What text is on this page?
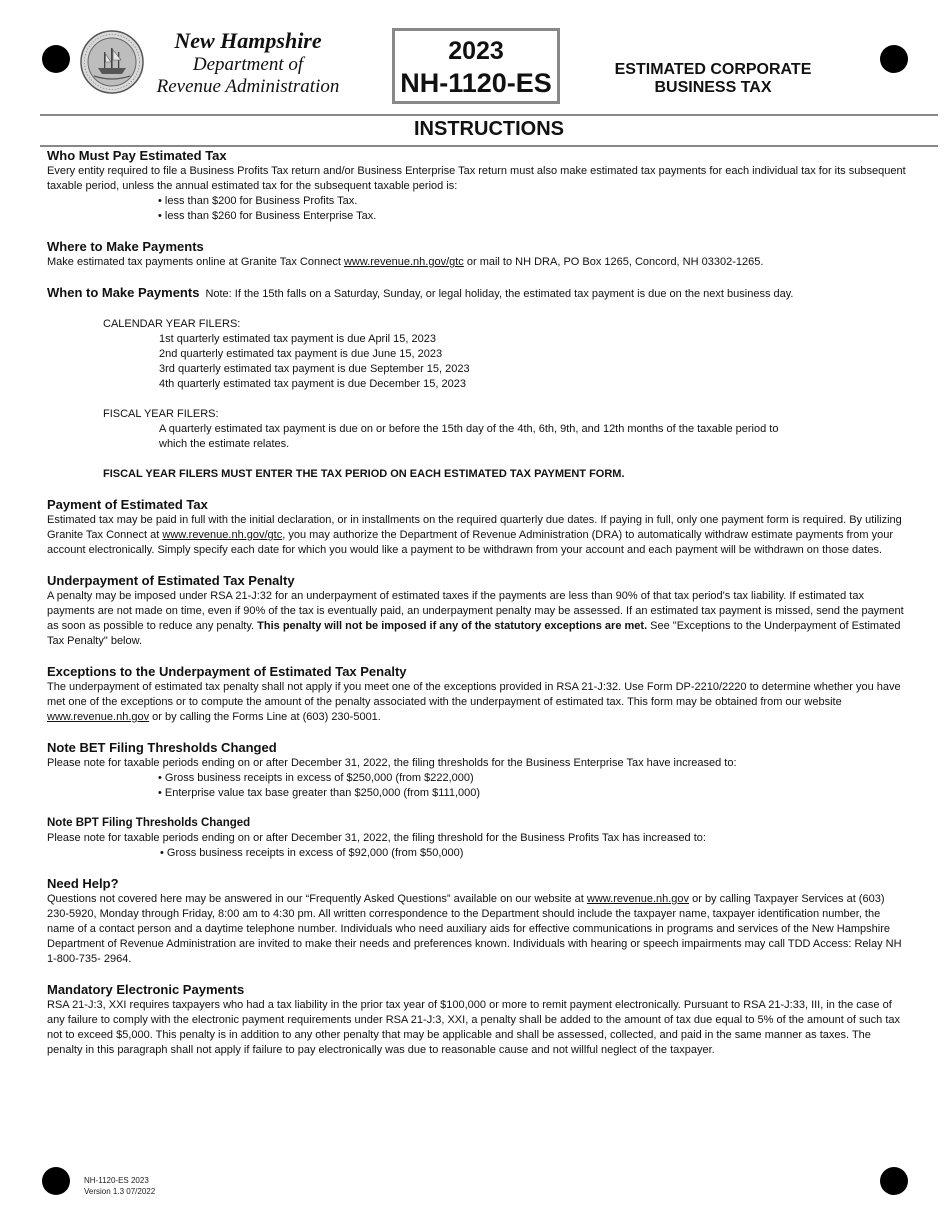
New Hampshire
Department of
Revenue Administration
2023
NH-1120-ES	ESTIMATED CORPORATE
BUSINESS TAX
INSTRUCTIONS
Who Must Pay Estimated Tax

Every entity required to file a Business Profits Tax return and/or Business Enterprise Tax return must also make estimated tax payments for each individual tax for its subsequent taxable period, unless the annual estimated tax for the subsequent taxable period is:

• less than $200 for Business Profits Tax.
• less than $260 for Business Enterprise Tax.
Where to Make Payments

Make estimated tax payments online at Granite Tax Connect www.revenue.nh.gov/gtc or mail to NH DRA, PO Box 1265, Concord, NH 03302-1265.

When to Make Payments Note: If the 15th falls on a Saturday, Sunday, or legal holiday, the estimated tax payment is due on the next business day.
CALENDAR YEAR FILERS:
1st quarterly estimated tax payment is due April 15, 2023
2nd quarterly estimated tax payment is due June 15, 2023
3rd quarterly estimated tax payment is due September 15, 2023
4th quarterly estimated tax payment is due December 15, 2023
FISCAL YEAR FILERS:
A quarterly estimated tax payment is due on or before the 15th day of the 4th, 6th, 9th, and 12th months of the taxable period to
which the estimate relates.
FISCAL YEAR FILERS MUST ENTER THE TAX PERIOD ON EACH ESTIMATED TAX PAYMENT FORM.
Payment of Estimated Tax

Estimated tax may be paid in full with the initial declaration, or in installments on the required quarterly due dates. If paying in full, only one payment form is required. By utilizing Granite Tax Connect at www.revenue.nh.gov/gtc, you may authorize the Department of Revenue Administration (DRA) to automatically withdraw estimate payments from your account electronically. Simply specify each date for which you would like a payment to be withdrawn from your account and each payment will be withdrawn on those dates.

Underpayment of Estimated Tax Penalty

A penalty may be imposed under RSA 21-J:32 for an underpayment of estimated taxes if the payments are less than 90% of that tax period's tax liability. If estimated tax payments are not made on time, even if 90% of the tax is eventually paid, an underpayment penalty may be assessed. If an estimated tax payment is missed, send the payment as soon as possible to reduce any penalty. This penalty will not be imposed if any of the statutory exceptions are met. See "Exceptions to the Underpayment of Estimated Tax Penalty" below.

Exceptions to the Underpayment of Estimated Tax Penalty

The underpayment of estimated tax penalty shall not apply if you meet one of the exceptions provided in RSA 21-J:32. Use Form DP-2210/2220 to determine whether you have met one of the exceptions or to compute the amount of the penalty associated with the underpayment of estimated tax. This form may be obtained from our website www.revenue.nh.gov or by calling the Forms Line at (603) 230-5001.

Note BET Filing Thresholds Changed

Please note for taxable periods ending on or after December 31, 2022, the filing thresholds for the Business Enterprise Tax have increased to:

• Gross business receipts in excess of $250,000 (from $222,000)
• Enterprise value tax base greater than $250,000 (from $111,000)
Note BPT Filing Thresholds Changed

Please note for taxable periods ending on or after December 31, 2022, the filing threshold for the Business Profits Tax has increased to:

• Gross business receipts in excess of $92,000 (from $50,000)
Need Help?

Questions not covered here may be answered in our “Frequently Asked Questions” available on our website at www.revenue.nh.gov or by calling Taxpayer Services at (603) 230-5920, Monday through Friday, 8:00 am to 4:30 pm. All written correspondence to the Department should include the taxpayer name, taxpayer identification number, the name of a contact person and a daytime telephone number. Individuals who need auxiliary aids for effective communications in programs and services of the New Hampshire Department of Revenue Administration are invited to make their needs and preferences known. Individuals with hearing or speech impairments may call TDD Access: Relay NH 1-800-735- 2964.

Mandatory Electronic Payments

RSA 21-J:3, XXI requires taxpayers who had a tax liability in the prior tax year of $100,000 or more to remit payment electronically. Pursuant to RSA 21-J:33, III, in the case of any failure to comply with the electronic payment requirements under RSA 21-J:3, XXI, a penalty shall be added to the amount of tax due equal to 5% of the amount of such tax not to exceed $5,000. This penalty is in addition to any other penalty that may be applicable and shall be assessed, collected, and paid in the same manner as taxes. The penalty in this paragraph shall not apply if failure to pay electronically was due to reasonable cause and not willful neglect of the taxpayer.

NH-1120-ES 2023
Version 1.3 07/2022
